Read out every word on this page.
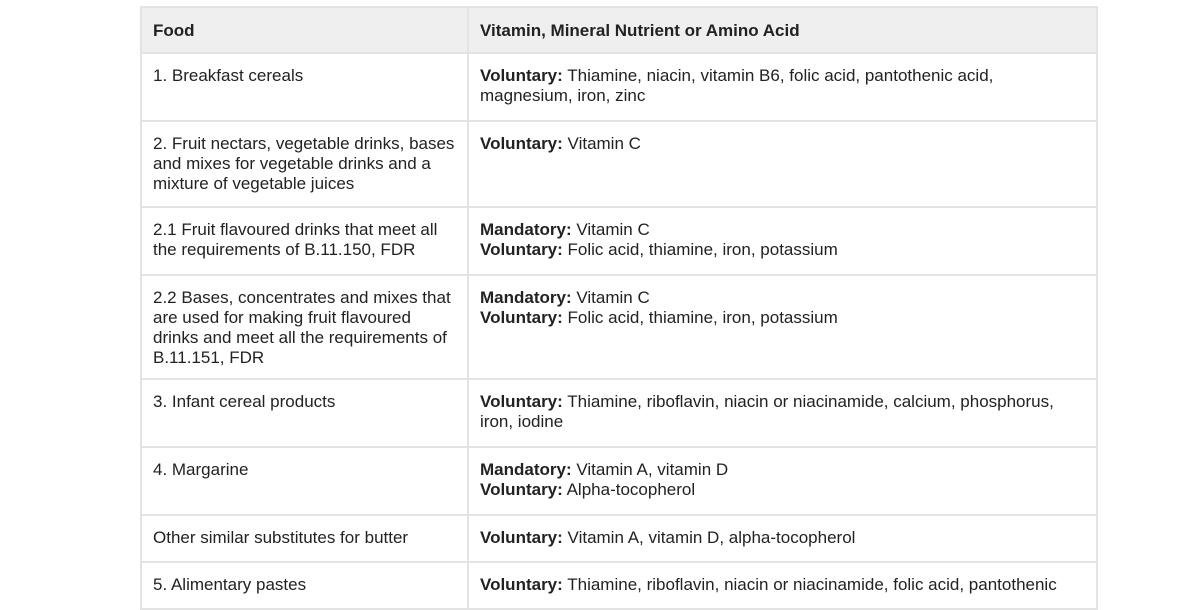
Food	Vitamin, Mineral Nutrient or Amino Acid
1. Breakfast cereals	Voluntary: Thiamine, niacin, vitamin B6, folic acid, pantothenic acid, magnesium, iron, zinc

2. Fruit nectars, vegetable drinks, bases and mixes for vegetable drinks and a mixture of vegetable juices	Voluntary: Vitamin C

2.1 Fruit flavoured drinks that meet all the requirements of B.11.150, FDR	Mandatory: Vitamin C
Voluntary: Folic acid, thiamine, iron, potassium

2.2 Bases, concentrates and mixes that are used for making fruit flavoured drinks and meet all the requirements of B.11.151, FDR	Mandatory: Vitamin C
Voluntary: Folic acid, thiamine, iron, potassium

3. Infant cereal products	Voluntary: Thiamine, riboflavin, niacin or niacinamide, calcium, phosphorus, iron, iodine

4. Margarine	Mandatory: Vitamin A, vitamin D
Voluntary: Alpha-tocopherol

Other similar substitutes for butter	Voluntary: Vitamin A, vitamin D, alpha-tocopherol

5. Alimentary pastes	Voluntary: Thiamine, riboflavin, niacin or niacinamide, folic acid, pantothenic
